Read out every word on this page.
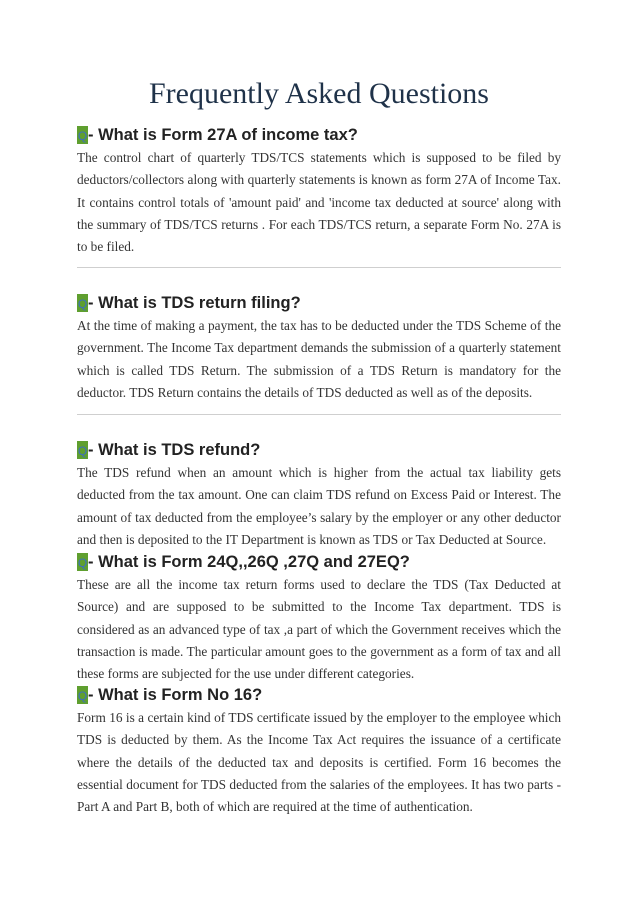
Frequently Asked Questions
Q- What is Form 27A of income tax?

The control chart of quarterly TDS/TCS statements which is supposed to be filed by deductors/collectors along with quarterly statements is known as form 27A of Income Tax. It contains control totals of 'amount paid' and 'income tax deducted at source' along with the summary of TDS/TCS returns . For each TDS/TCS return, a separate Form No. 27A is to be filed.

Q- What is TDS return filing?

At the time of making a payment, the tax has to be deducted under the TDS Scheme of the government. The Income Tax department demands the submission of a quarterly statement which is called TDS Return. The submission of a TDS Return is mandatory for the deductor. TDS Return contains the details of TDS deducted as well as of the deposits.

Q- What is TDS refund?

The TDS refund when an amount which is higher from the actual tax liability gets deducted from the tax amount. One can claim TDS refund on Excess Paid or Interest. The amount of tax deducted from the employee’s salary by the employer or any other deductor and then is deposited to the IT Department is known as TDS or Tax Deducted at Source.

Q- What is Form 24Q,,26Q ,27Q and 27EQ?

These are all the income tax return forms used to declare the TDS (Tax Deducted at Source) and are supposed to be submitted to the Income Tax department. TDS is considered as an advanced type of tax ,a part of which the Government receives which the transaction is made. The particular amount goes to the government as a form of tax and all these forms are subjected for the use under different categories.

Q- What is Form No 16?

Form 16 is a certain kind of TDS certificate issued by the employer to the employee which TDS is deducted by them. As the Income Tax Act requires the issuance of a certificate where the details of the deducted tax and deposits is certified. Form 16 becomes the essential document for TDS deducted from the salaries of the employees. It has two parts - Part A and Part B, both of which are required at the time of authentication.
